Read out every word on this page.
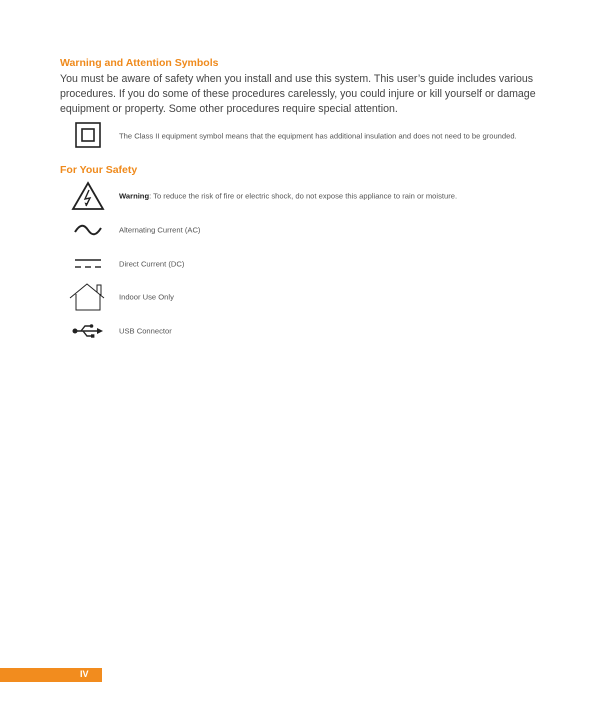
Warning and Attention Symbols

You must be aware of safety when you install and use this system. This user’s guide includes various procedures. If you do some of these procedures carelessly, you could injure or kill yourself or damage equipment or property. Some other procedures require special attention.

The Class II equipment symbol means that the equipment has additional insulation and does not need to be grounded.
For Your Safety
Warning: To reduce the risk of fire or electric shock, do not expose this appliance to rain or moisture.
Alternating Current (AC)
Direct Current (DC)
Indoor Use Only
USB Connector
IV
